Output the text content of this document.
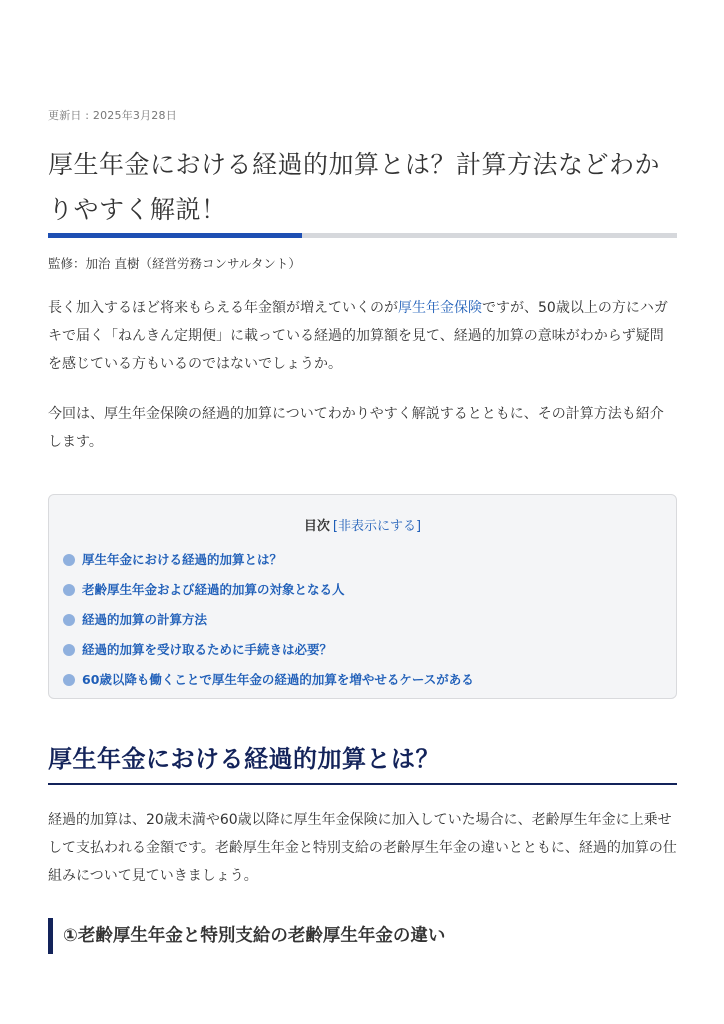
更新日 : 2025年3月28日
厚生年金における経過的加算とは？計算方法などわかりやすく解説！
監修：加治 直樹（経営労務コンサルタント）

長く加入するほど将来もらえる年金額が増えていくのが厚生年金保険ですが、50歳以上の方にハガキで届く「ねんきん定期便」に載っている経過的加算額を見て、経過的加算の意味がわからず疑問を感じている方もいるのではないでしょうか。

今回は、厚生年金保険の経過的加算についてわかりやすく解説するとともに、その計算方法も紹介します。

目次 [非表示にする]
厚生年金における経過的加算とは？
老齢厚生年金および経過的加算の対象となる人
経過的加算の計算方法
経過的加算を受け取るために手続きは必要？
60歳以降も働くことで厚生年金の経過的加算を増やせるケースがある
厚生年金における経過的加算とは？

経過的加算は、20歳未満や60歳以降に厚生年金保険に加入していた場合に、老齢厚生年金に上乗せして支払われる金額です。老齢厚生年金と特別支給の老齢厚生年金の違いとともに、経過的加算の仕組みについて見ていきましょう。

①老齢厚生年金と特別支給の老齢厚生年金の違い
